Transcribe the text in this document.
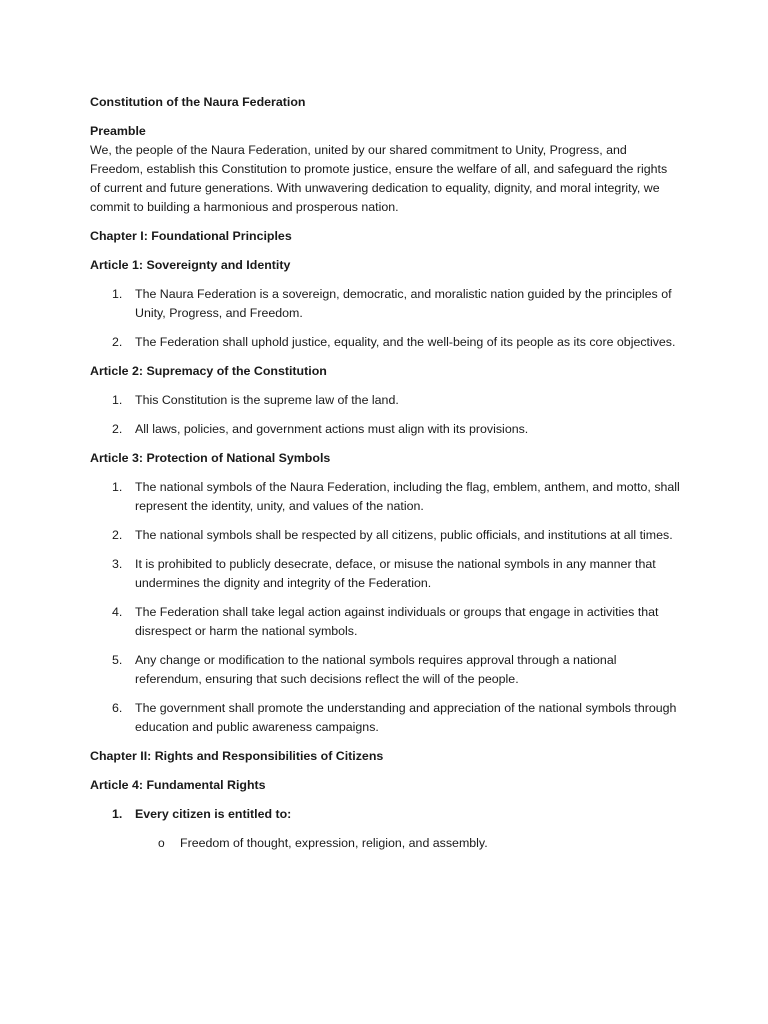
Constitution of the Naura Federation

Preamble

We, the people of the Naura Federation, united by our shared commitment to Unity, Progress, and Freedom, establish this Constitution to promote justice, ensure the welfare of all, and safeguard the rights of current and future generations. With unwavering dedication to equality, dignity, and moral integrity, we commit to building a harmonious and prosperous nation.

Chapter I: Foundational Principles

Article 1: Sovereignty and Identity

1.	The Naura Federation is a sovereign, democratic, and moralistic nation guided by the principles of Unity, Progress, and Freedom.
2.	The Federation shall uphold justice, equality, and the well-being of its people as its core objectives.

Article 2: Supremacy of the Constitution

1.	This Constitution is the supreme law of the land.
2.	All laws, policies, and government actions must align with its provisions.

Article 3: Protection of National Symbols

1.	The national symbols of the Naura Federation, including the flag, emblem, anthem, and motto, shall represent the identity, unity, and values of the nation.
2.	The national symbols shall be respected by all citizens, public officials, and institutions at all times.
3.	It is prohibited to publicly desecrate, deface, or misuse the national symbols in any manner that undermines the dignity and integrity of the Federation.
4.	The Federation shall take legal action against individuals or groups that engage in activities that disrespect or harm the national symbols.
5.	Any change or modification to the national symbols requires approval through a national referendum, ensuring that such decisions reflect the will of the people.
6.	The government shall promote the understanding and appreciation of the national symbols through education and public awareness campaigns.

Chapter II: Rights and Responsibilities of Citizens

Article 4: Fundamental Rights

1.	Every citizen is entitled to:
o Freedom of thought, expression, religion, and assembly.
